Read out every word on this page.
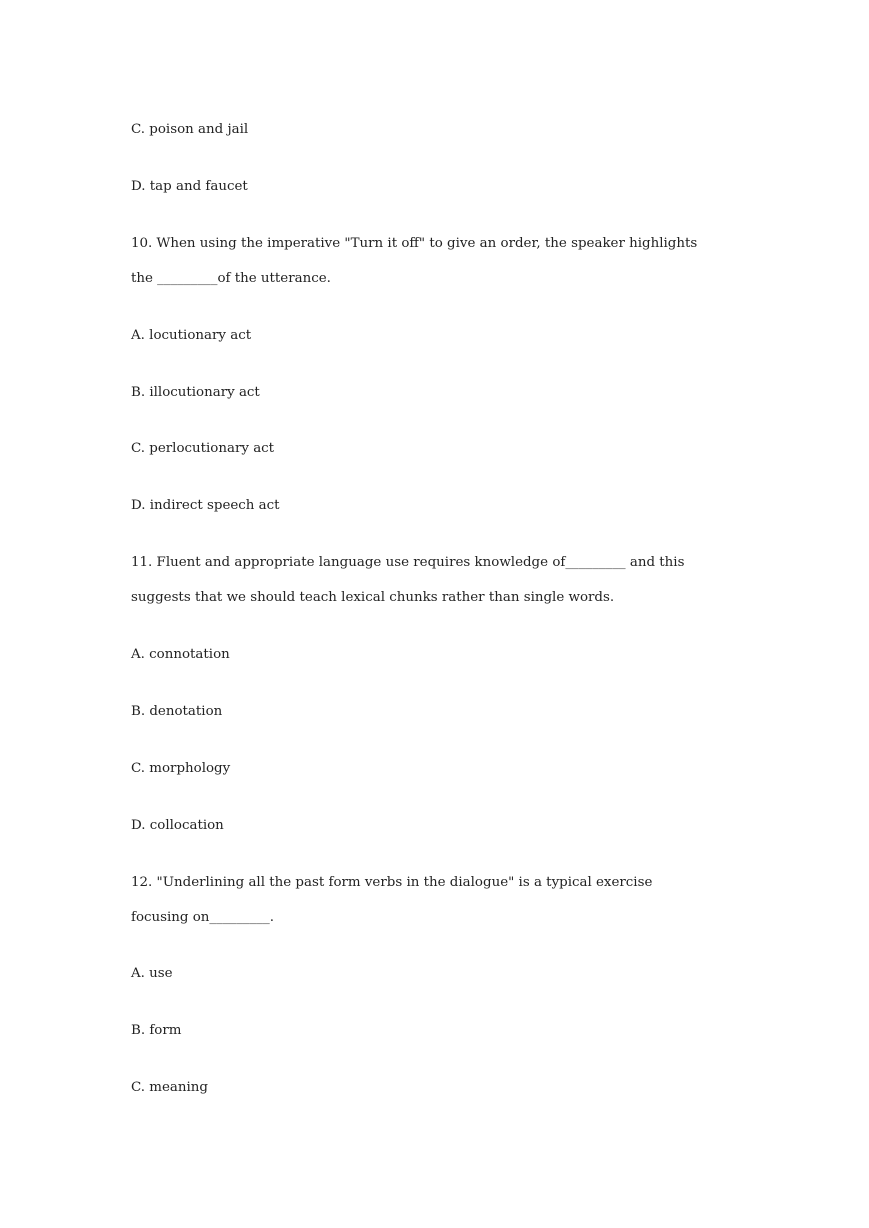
C. poison and jail

D. tap and faucet

10. When using the imperative "Turn it off" to give an order, the speaker highlights

the _________of the utterance.

A. locutionary act

B. illocutionary act

C. perlocutionary act

D. indirect speech act

11. Fluent and appropriate language use requires knowledge of_________ and this

suggests that we should teach lexical chunks rather than single words.

A. connotation

B. denotation

C. morphology

D. collocation

12. "Underlining all the past form verbs in the dialogue" is a typical exercise

focusing on_________.

A. use

B. form

C. meaning
